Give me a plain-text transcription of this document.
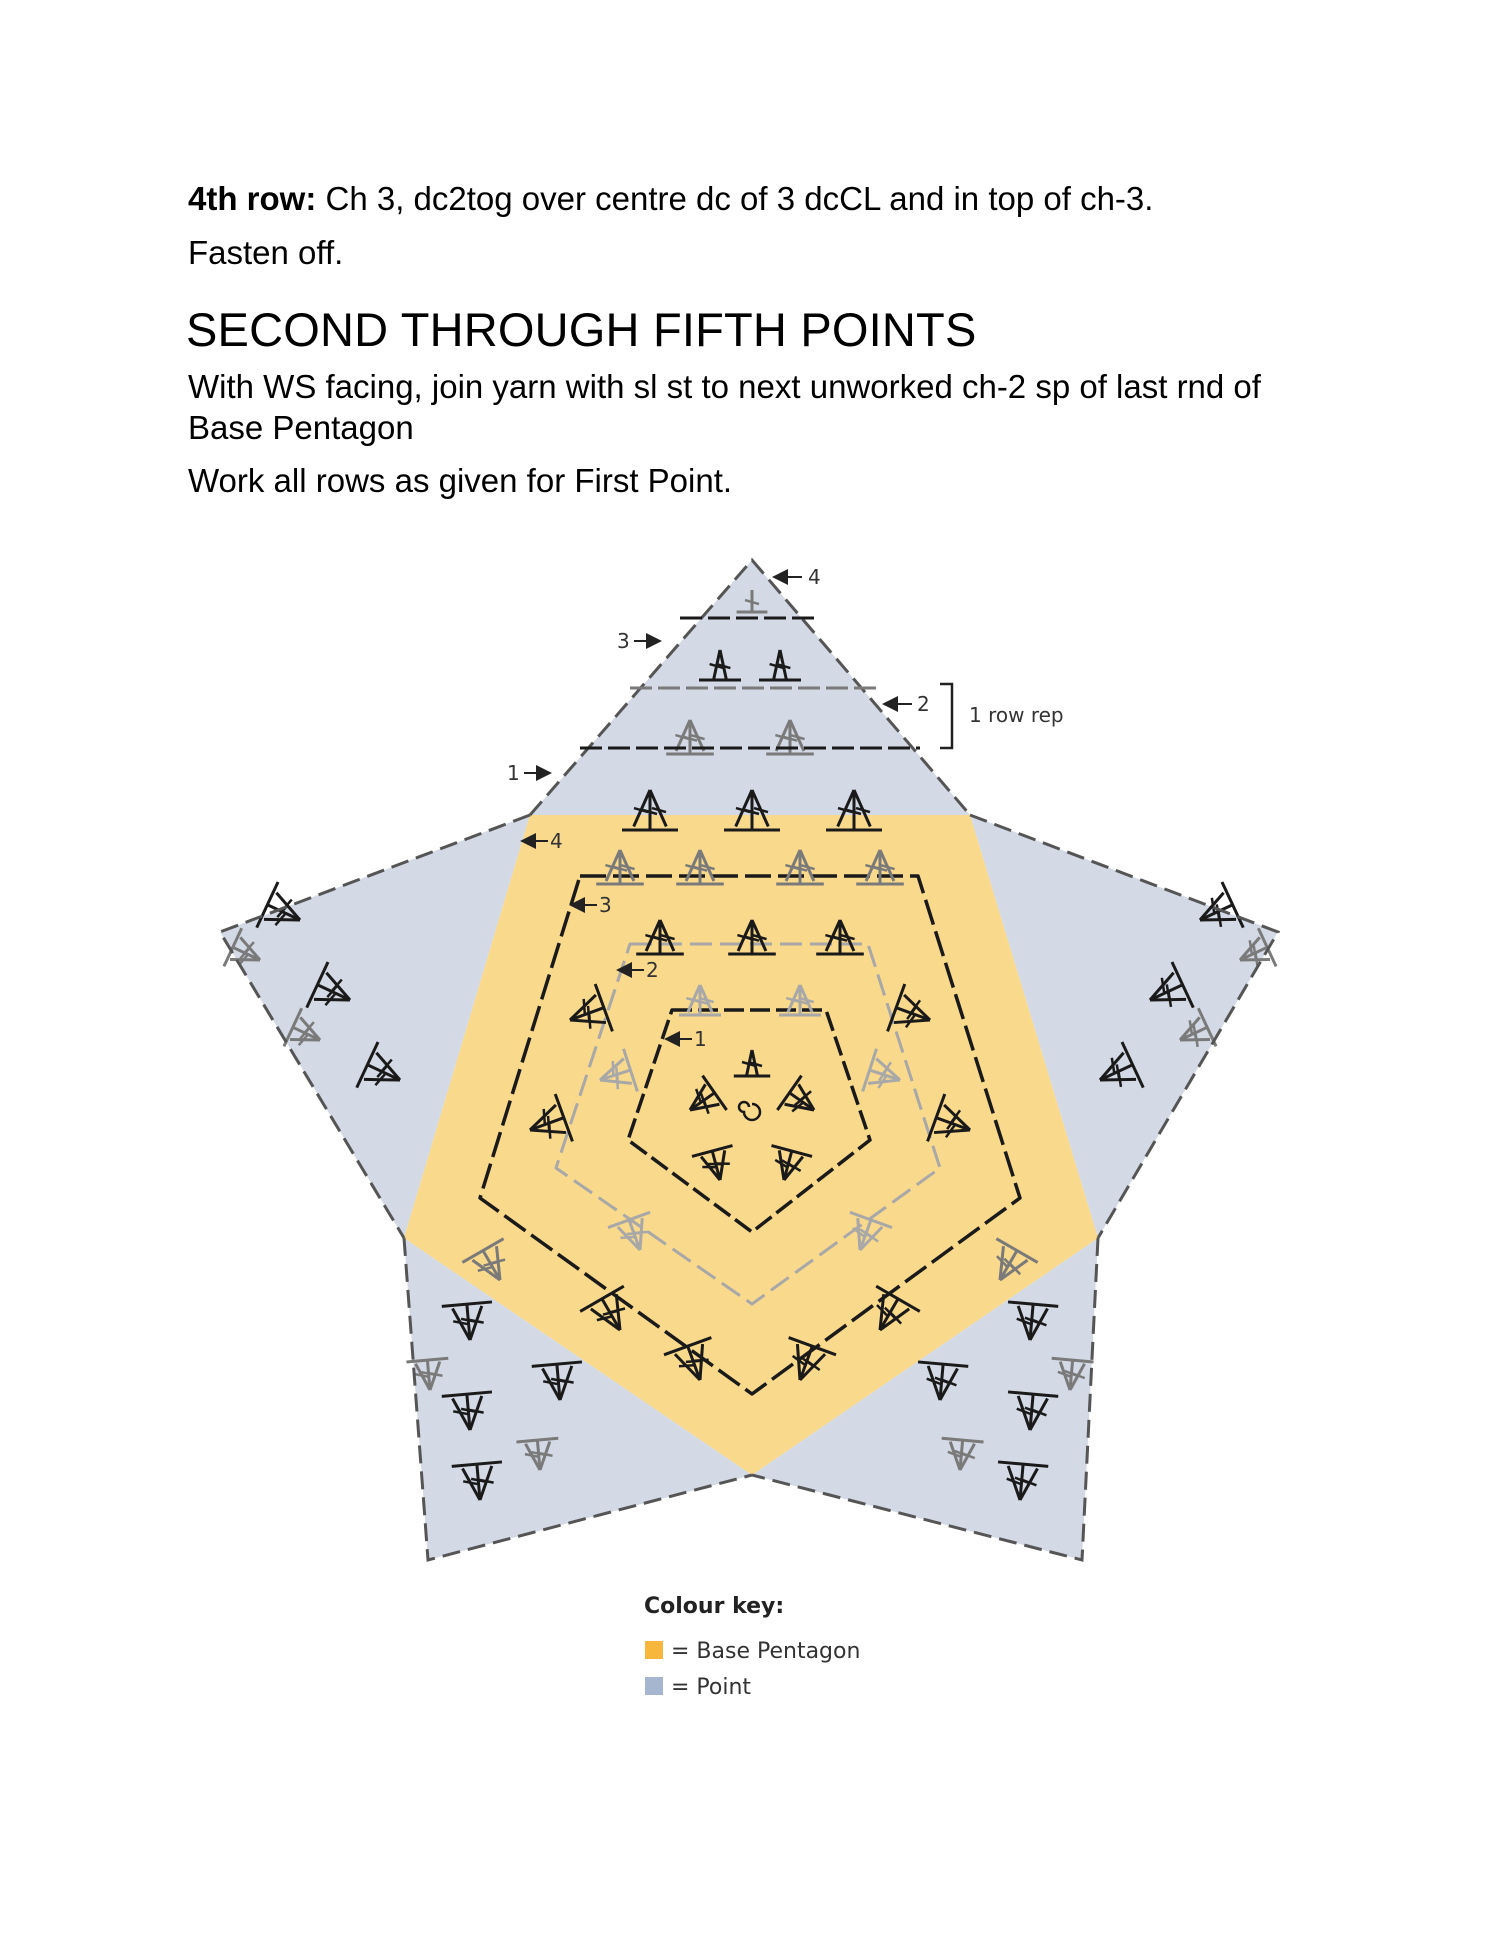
4th row: Ch 3, dc2tog over centre dc of 3 dcCL and in top of ch-3.
Fasten off.
SECOND THROUGH FIFTH POINTS
With WS facing, join yarn with sl st to next unworked ch-2 sp of last rnd of Base Pentagon
Work all rows as given for First Point.
4
3
2
1
1 row rep
4
3
2
1
Colour key:
= Base Pentagon
= Point
